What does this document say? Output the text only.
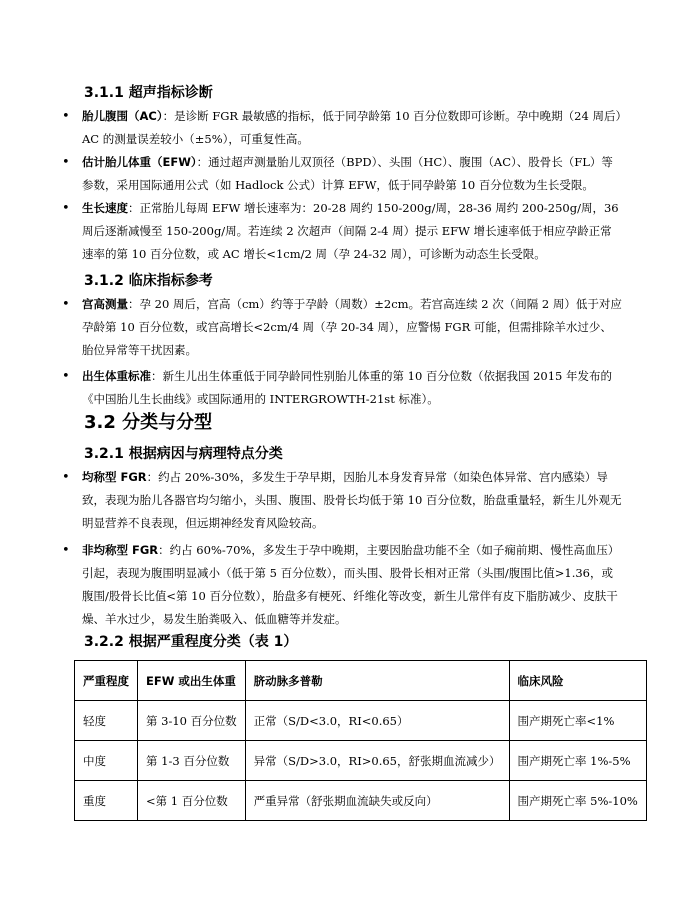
3.1.1 超声指标诊断
•	胎儿腹围（AC）：是诊断 FGR 最敏感的指标，低于同孕龄第 10 百分位数即可诊断。孕中晚期（24 周后）AC 的测量误差较小（±5%），可重复性高。
•	估计胎儿体重（EFW）：通过超声测量胎儿双顶径（BPD）、头围（HC）、腹围（AC）、股骨长（FL）等参数，采用国际通用公式（如 Hadlock 公式）计算 EFW，低于同孕龄第 10 百分位数为生长受限。
•	生长速度：正常胎儿每周 EFW 增长速率为：20-28 周约 150-200g/周，28-36 周约 200-250g/周，36 周后逐渐减慢至 150-200g/周。若连续 2 次超声（间隔 2-4 周）提示 EFW 增长速率低于相应孕龄正常速率的第 10 百分位数，或 AC 增长<1cm/2 周（孕 24-32 周），可诊断为动态生长受限。
3.1.2 临床指标参考
•	宫高测量：孕 20 周后，宫高（cm）约等于孕龄（周数）±2cm。若宫高连续 2 次（间隔 2 周）低于对应孕龄第 10 百分位数，或宫高增长<2cm/4 周（孕 20-34 周），应警惕 FGR 可能，但需排除羊水过少、胎位异常等干扰因素。
•	出生体重标准：新生儿出生体重低于同孕龄同性别胎儿体重的第 10 百分位数（依据我国 2015 年发布的《中国胎儿生长曲线》或国际通用的 INTERGROWTH-21st 标准）。
3.2 分类与分型
3.2.1 根据病因与病理特点分类
•	均称型 FGR：约占 20%-30%，多发生于孕早期，因胎儿本身发育异常（如染色体异常、宫内感染）导致，表现为胎儿各器官均匀缩小，头围、腹围、股骨长均低于第 10 百分位数，胎盘重量轻，新生儿外观无明显营养不良表现，但远期神经发育风险较高。
•	非均称型 FGR：约占 60%-70%，多发生于孕中晚期，主要因胎盘功能不全（如子痫前期、慢性高血压）引起，表现为腹围明显减小（低于第 5 百分位数），而头围、股骨长相对正常（头围/腹围比值>1.36，或腹围/股骨长比值<第 10 百分位数），胎盘多有梗死、纤维化等改变，新生儿常伴有皮下脂肪减少、皮肤干燥、羊水过少，易发生胎粪吸入、低血糖等并发症。
3.2.2 根据严重程度分类（表 1）
严重程度	EFW 或出生体重	脐动脉多普勒	临床风险
轻度	第 3-10 百分位数	正常（S/D<3.0，RI<0.65）	围产期死亡率<1%
中度	第 1-3 百分位数	异常（S/D>3.0，RI>0.65，舒张期血流减少）	围产期死亡率 1%-5%
重度	<第 1 百分位数	严重异常（舒张期血流缺失或反向）	围产期死亡率 5%-10%
